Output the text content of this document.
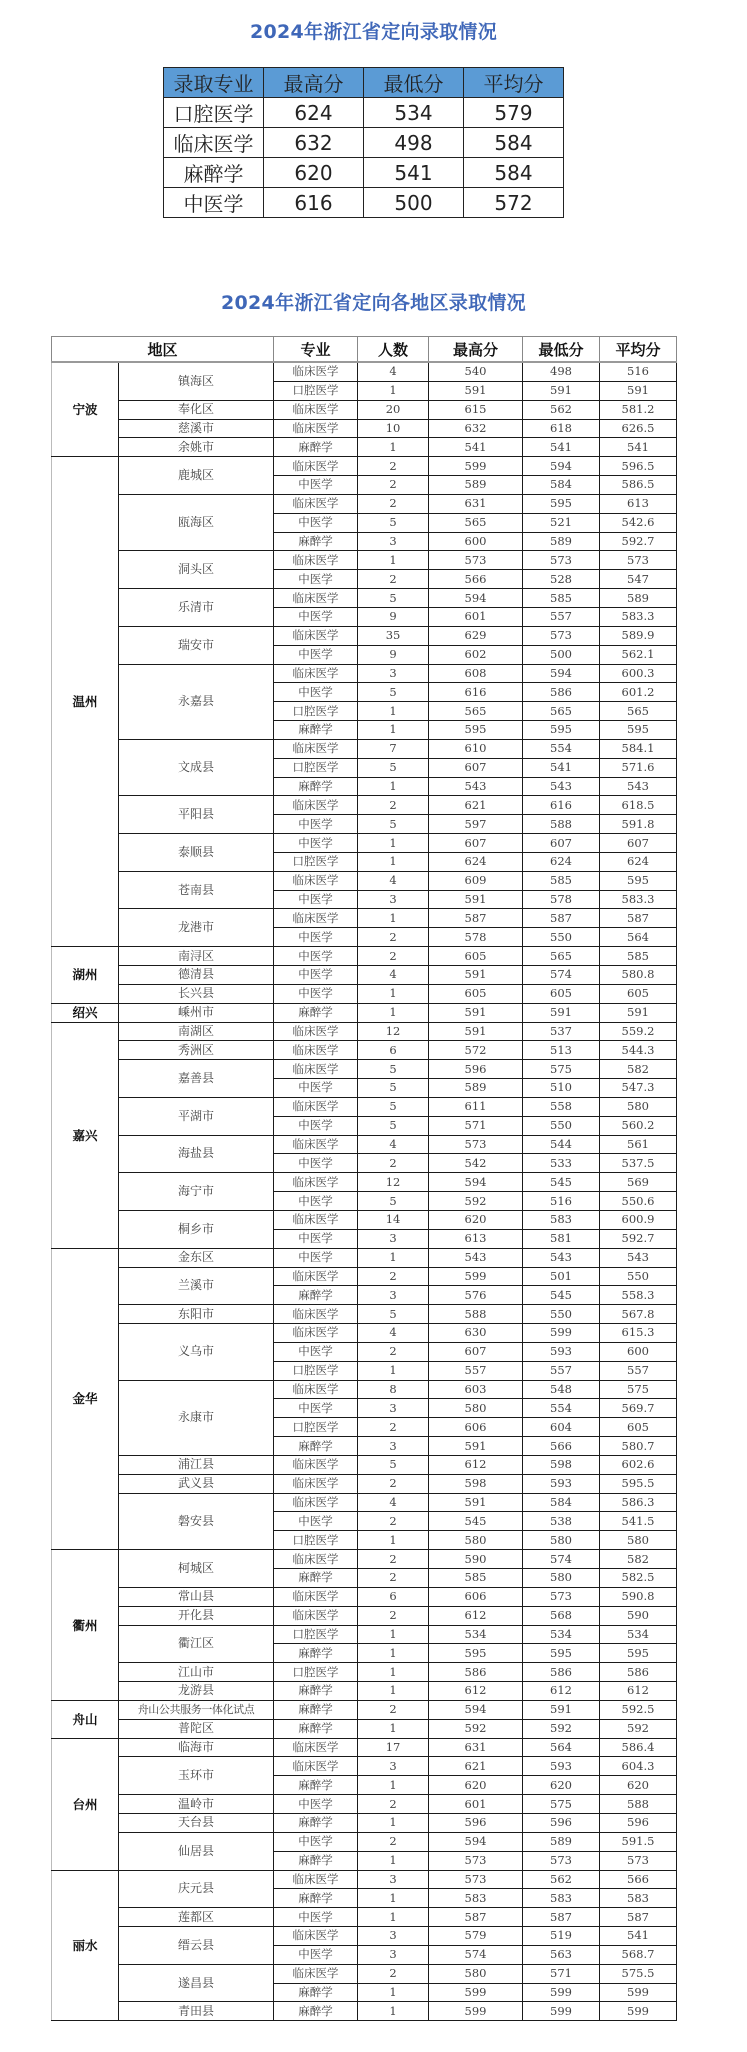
2024年浙江省定向录取情况
录取专业	最高分	最低分	平均分
口腔医学	624	534	579
临床医学	632	498	584
麻醉学	620	541	584
中医学	616	500	572
2024年浙江省定向各地区录取情况
地区		专业	人数	最高分	最低分	平均分
宁波	镇海区	临床医学	4	540	498	516
		口腔医学	1	591	591	591
	奉化区	临床医学	20	615	562	581.2
	慈溪市	临床医学	10	632	618	626.5
	余姚市	麻醉学	1	541	541	541
温州	鹿城区	临床医学	2	599	594	596.5
		中医学	2	589	584	586.5
	瓯海区	临床医学	2	631	595	613
		中医学	5	565	521	542.6
		麻醉学	3	600	589	592.7
	洞头区	临床医学	1	573	573	573
		中医学	2	566	528	547
	乐清市	临床医学	5	594	585	589
		中医学	9	601	557	583.3
	瑞安市	临床医学	35	629	573	589.9
		中医学	9	602	500	562.1
	永嘉县	临床医学	3	608	594	600.3
		中医学	5	616	586	601.2
		口腔医学	1	565	565	565
		麻醉学	1	595	595	595
	文成县	临床医学	7	610	554	584.1
		口腔医学	5	607	541	571.6
		麻醉学	1	543	543	543
	平阳县	临床医学	2	621	616	618.5
		中医学	5	597	588	591.8
	泰顺县	中医学	1	607	607	607
		口腔医学	1	624	624	624
	苍南县	临床医学	4	609	585	595
		中医学	3	591	578	583.3
	龙港市	临床医学	1	587	587	587
		中医学	2	578	550	564
湖州	南浔区	中医学	2	605	565	585
	德清县	中医学	4	591	574	580.8
	长兴县	中医学	1	605	605	605
绍兴	嵊州市	麻醉学	1	591	591	591
嘉兴	南湖区	临床医学	12	591	537	559.2
	秀洲区	临床医学	6	572	513	544.3
	嘉善县	临床医学	5	596	575	582
		中医学	5	589	510	547.3
	平湖市	临床医学	5	611	558	580
		中医学	5	571	550	560.2
	海盐县	临床医学	4	573	544	561
		中医学	2	542	533	537.5
	海宁市	临床医学	12	594	545	569
		中医学	5	592	516	550.6
	桐乡市	临床医学	14	620	583	600.9
		中医学	3	613	581	592.7
金华	金东区	中医学	1	543	543	543
	兰溪市	临床医学	2	599	501	550
		麻醉学	3	576	545	558.3
	东阳市	临床医学	5	588	550	567.8
	义乌市	临床医学	4	630	599	615.3
		中医学	2	607	593	600
		口腔医学	1	557	557	557
	永康市	临床医学	8	603	548	575
		中医学	3	580	554	569.7
		口腔医学	2	606	604	605
		麻醉学	3	591	566	580.7
	浦江县	临床医学	5	612	598	602.6
	武义县	临床医学	2	598	593	595.5
	磐安县	临床医学	4	591	584	586.3
		中医学	2	545	538	541.5
		口腔医学	1	580	580	580
衢州	柯城区	临床医学	2	590	574	582
		麻醉学	2	585	580	582.5
	常山县	临床医学	6	606	573	590.8
	开化县	临床医学	2	612	568	590
	衢江区	口腔医学	1	534	534	534
		麻醉学	1	595	595	595
	江山市	口腔医学	1	586	586	586
	龙游县	麻醉学	1	612	612	612
舟山	舟山公共服务一体化试点	麻醉学	2	594	591	592.5
	普陀区	麻醉学	1	592	592	592
台州	临海市	临床医学	17	631	564	586.4
	玉环市	临床医学	3	621	593	604.3
		麻醉学	1	620	620	620
	温岭市	中医学	2	601	575	588
	天台县	麻醉学	1	596	596	596
	仙居县	中医学	2	594	589	591.5
		麻醉学	1	573	573	573
丽水	庆元县	临床医学	3	573	562	566
		麻醉学	1	583	583	583
	莲都区	中医学	1	587	587	587
	缙云县	临床医学	3	579	519	541
		中医学	3	574	563	568.7
	遂昌县	临床医学	2	580	571	575.5
		麻醉学	1	599	599	599
	青田县	麻醉学	1	599	599	599
